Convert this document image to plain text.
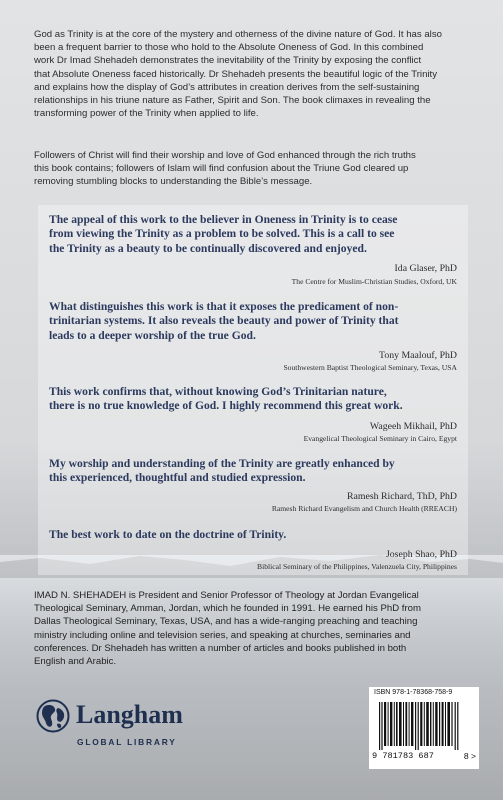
God as Trinity is at the core of the mystery and otherness of the divine nature of God. It has also
been a frequent barrier to those who hold to the Absolute Oneness of God. In this combined
work Dr Imad Shehadeh demonstrates the inevitability of the Trinity by exposing the conflict
that Absolute Oneness faced historically. Dr Shehadeh presents the beautiful logic of the Trinity
and explains how the display of God’s attributes in creation derives from the self-sustaining
relationships in his triune nature as Father, Spirit and Son. The book climaxes in revealing the
transforming power of the Trinity when applied to life.

Followers of Christ will find their worship and love of God enhanced through the rich truths
this book contains; followers of Islam will find confusion about the Triune God cleared up
removing stumbling blocks to understanding the Bible’s message.

The appeal of this work to the believer in Oneness in Trinity is to cease
from viewing the Trinity as a problem to be solved. This is a call to see
the Trinity as a beauty to be continually discovered and enjoyed.

Ida Glaser, PhD

The Centre for Muslim-Christian Studies, Oxford, UK

What distinguishes this work is that it exposes the predicament of non-
trinitarian systems. It also reveals the beauty and power of Trinity that
leads to a deeper worship of the true God.

Tony Maalouf, PhD

Southwestern Baptist Theological Seminary, Texas, USA

This work confirms that, without knowing God’s Trinitarian nature,
there is no true knowledge of God. I highly recommend this great work.

Wageeh Mikhail, PhD

Evangelical Theological Seminary in Cairo, Egypt

My worship and understanding of the Trinity are greatly enhanced by
this experienced, thoughtful and studied expression.

Ramesh Richard, ThD, PhD

Ramesh Richard Evangelism and Church Health (RREACH)

The best work to date on the doctrine of Trinity.

Joseph Shao, PhD

Biblical Seminary of the Philippines, Valenzuela City, Philippines

IMAD N. SHEHADEH is President and Senior Professor of Theology at Jordan Evangelical
Theological Seminary, Amman, Jordan, which he founded in 1991. He earned his PhD from
Dallas Theological Seminary, Texas, USA, and has a wide-ranging preaching and teaching
ministry including online and television series, and speaking at churches, seminaries and
conferences. Dr Shehadeh has written a number of articles and books published in both
English and Arabic.

Langham

GLOBAL LIBRARY

ISBN 978-1-78368-758-9

9 781783 687	8 >
